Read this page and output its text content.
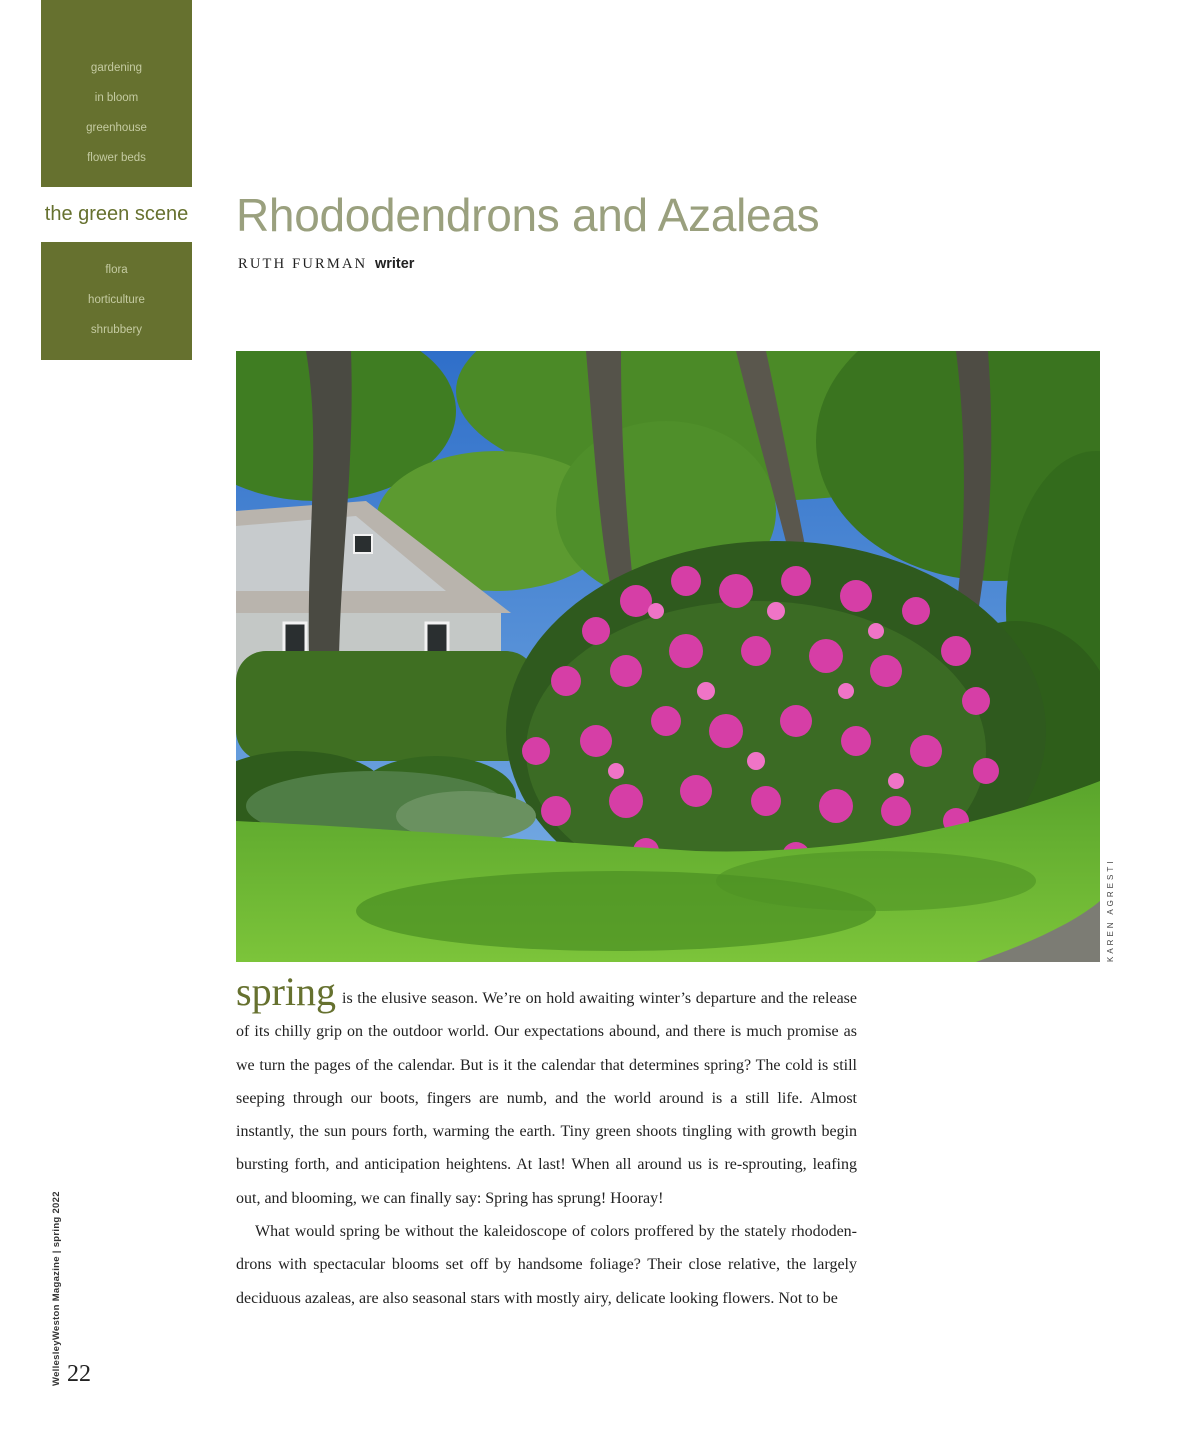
gardening
in bloom
greenhouse
flower beds
the green scene
flora
horticulture
shrubbery
Rhododendrons and Azaleas
RUTH FURMAN writer
KAREN AGRESTI

spring is the elusive season. We’re on hold awaiting winter’s departure and the release of its chilly grip on the outdoor world. Our expectations abound, and there is much promise as we turn the pages of the calendar. But is it the calendar that determines spring? The cold is still seeping through our boots, fingers are numb, and the world around is a still life. Almost instantly, the sun pours forth, warming the earth. Tiny green shoots tingling with growth begin bursting forth, and anticipation heightens. At last! When all around us is re-sprouting, leafing out, and blooming, we can finally say: Spring has sprung! Hooray!

What would spring be without the kaleidoscope of colors proffered by the stately rhododendrons with spectacular blooms set off by handsome foliage? Their close relative, the largely deciduous azaleas, are also seasonal stars with mostly airy, delicate looking flowers. Not to be

WellesleyWeston Magazine | spring 2022 22
